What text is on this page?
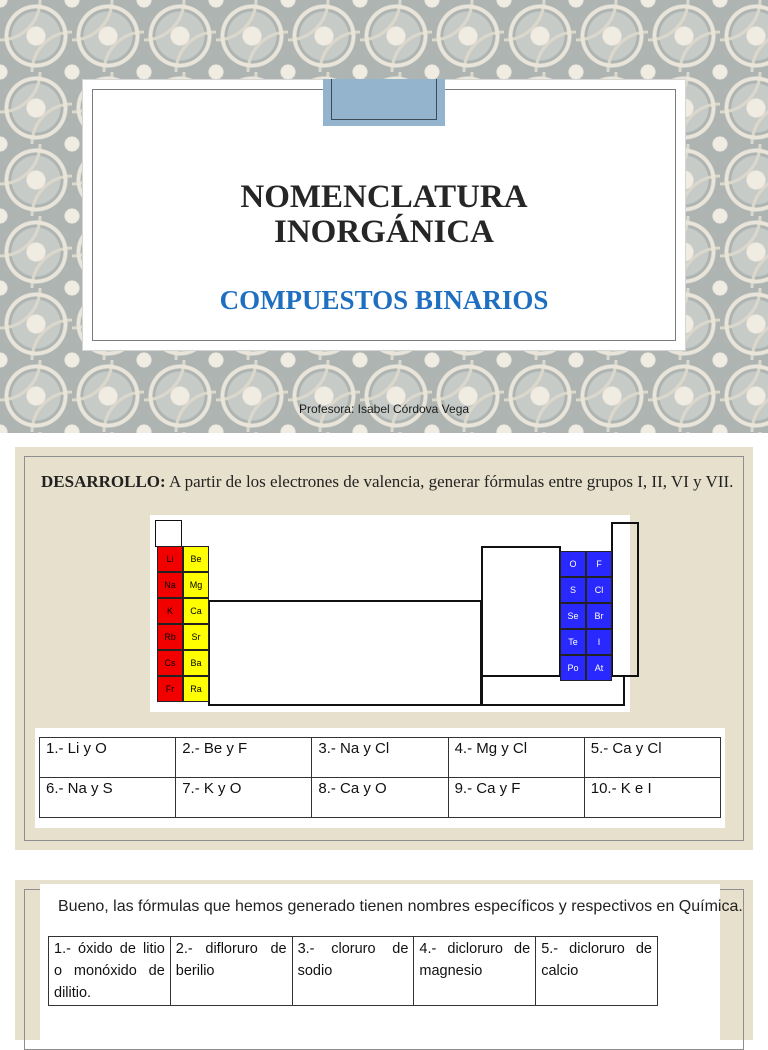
NOMENCLATURA
INORGÁNICA
COMPUESTOS BINARIOS
Profesora: Isabel Córdova Vega
DESARROLLO: A partir de los electrones de valencia, generar fórmulas entre grupos I, II, VI y VII.
Li
Na
K
Rb
Cs
Fr
Be
Mg
Ca
Sr
Ba
Ra
O
S
Se
Te
Po
F
Cl
Br
I
At
1.- Li y O	2.- Be y F	3.- Na y Cl	4.- Mg y Cl	5.- Ca y Cl
6.- Na y S	7.- K y O	8.- Ca y O	9.- Ca y F	10.- K e I
Bueno, las fórmulas que hemos generado tienen nombres específicos y respectivos en Química.
1.- óxido de litio o monóxido de dilitio.	2.- difloruro de berilio	3.- cloruro de sodio	4.- dicloruro de magnesio	5.- dicloruro de calcio
